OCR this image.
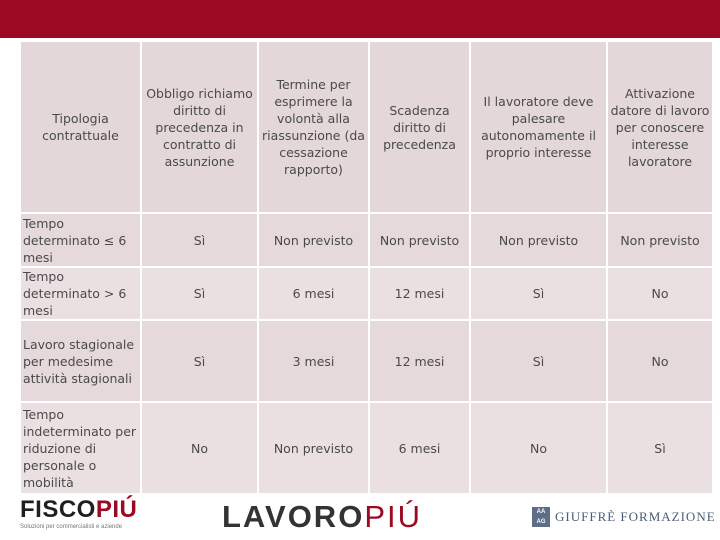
Tipologia contrattuale	Obbligo richiamo diritto di precedenza in contratto di assunzione	Termine per esprimere la volontà alla riassunzione (da cessazione rapporto)	Scadenza diritto di precedenza	Il lavoratore deve palesare autonomamente il proprio interesse	Attivazione datore di lavoro per conoscere interesse lavoratore
Tempo determinato ≤ 6 mesi	Sì	Non previsto	Non previsto	Non previsto	Non previsto
Tempo determinato > 6 mesi	Sì	6 mesi	12 mesi	Sì	No
Lavoro stagionale per medesime attività stagionali	Sì	3 mesi	12 mesi	Sì	No
Tempo indeterminato per riduzione di personale o mobilità	No	Non previsto	6 mesi	No	Sì
FISCOPIÚ
Soluzioni per commercialisti e aziende	LAVOROPIÚ	AA
AG GIUFFRÈ FORMAZIONE
